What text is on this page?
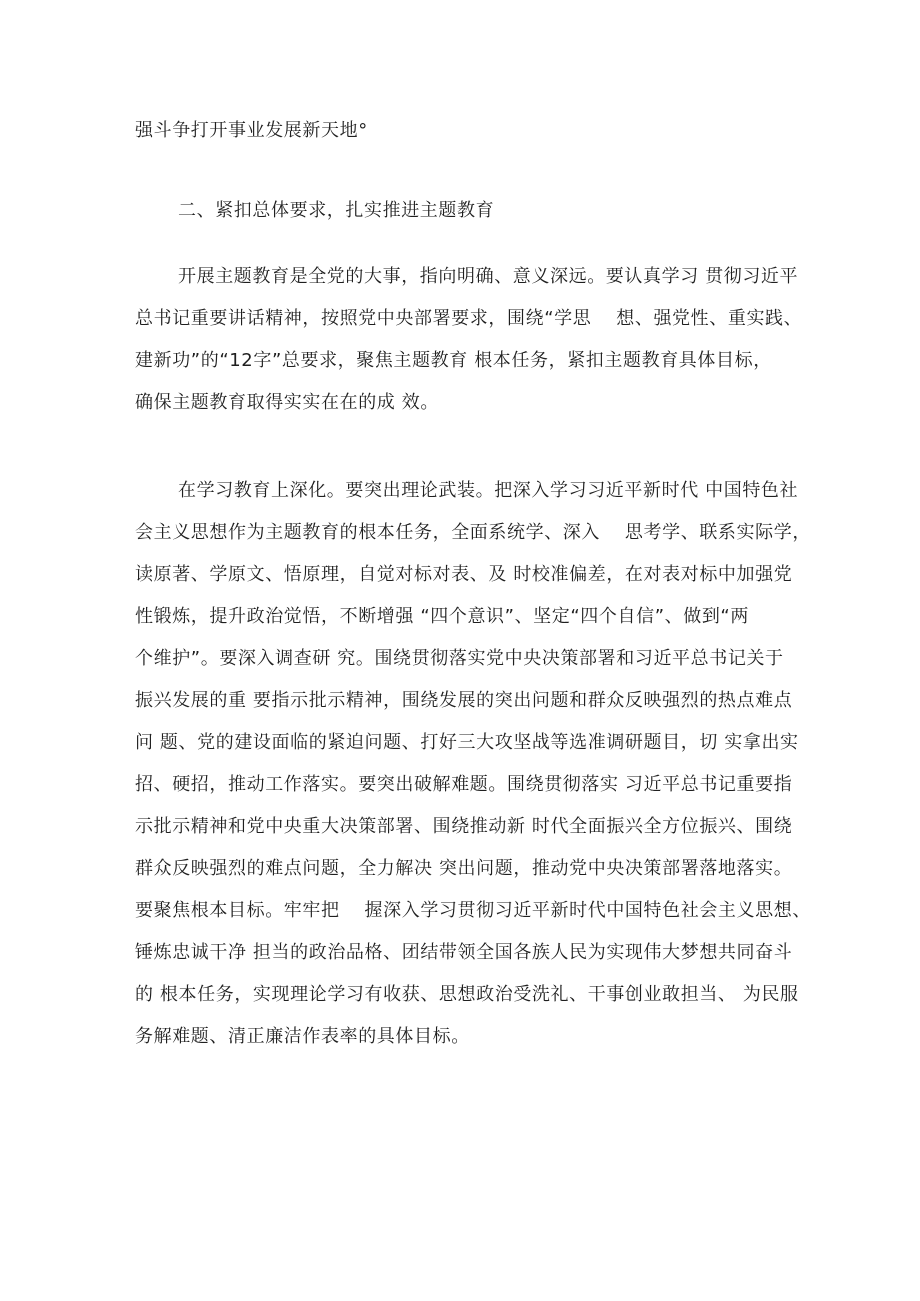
强斗争打开事业发展新天地°
二、紧扣总体要求，扎实推进主题教育
开展主题教育是全党的大事，指向明确、意义深远。要认真学习 贯彻习近平
总书记重要讲话精神，按照党中央部署要求，围绕“学思　 想、强党性、重实践、
建新功”的“12字”总要求，聚焦主题教育 根本任务，紧扣主题教育具体目标，
确保主题教育取得实实在在的成 效。
在学习教育上深化。要突出理论武装。把深入学习习近平新时代 中国特色社
会主义思想作为主题教育的根本任务，全面系统学、深入　 思考学、联系实际学，
读原著、学原文、悟原理，自觉对标对表、及 时校准偏差，在对表对标中加强党
性锻炼，提升政治觉悟，不断增强 “四个意识”、坚定“四个自信”、做到“两
个维护”。要深入调查研 究。围绕贯彻落实党中央决策部署和习近平总书记关于
振兴发展的重 要指示批示精神，围绕发展的突出问题和群众反映强烈的热点难点
问 题、党的建设面临的紧迫问题、打好三大攻坚战等选准调研题目，切 实拿出实
招、硬招，推动工作落实。要突出破解难题。围绕贯彻落实 习近平总书记重要指
示批示精神和党中央重大决策部署、围绕推动新 时代全面振兴全方位振兴、围绕
群众反映强烈的难点问题，全力解决 突出问题，推动党中央决策部署落地落实。
要聚焦根本目标。牢牢把　 握深入学习贯彻习近平新时代中国特色社会主义思想、
锤炼忠诚干净 担当的政治品格、团结带领全国各族人民为实现伟大梦想共同奋斗
的 根本任务，实现理论学习有收获、思想政治受洗礼、干事创业敢担当、 为民服
务解难题、清正廉洁作表率的具体目标。
